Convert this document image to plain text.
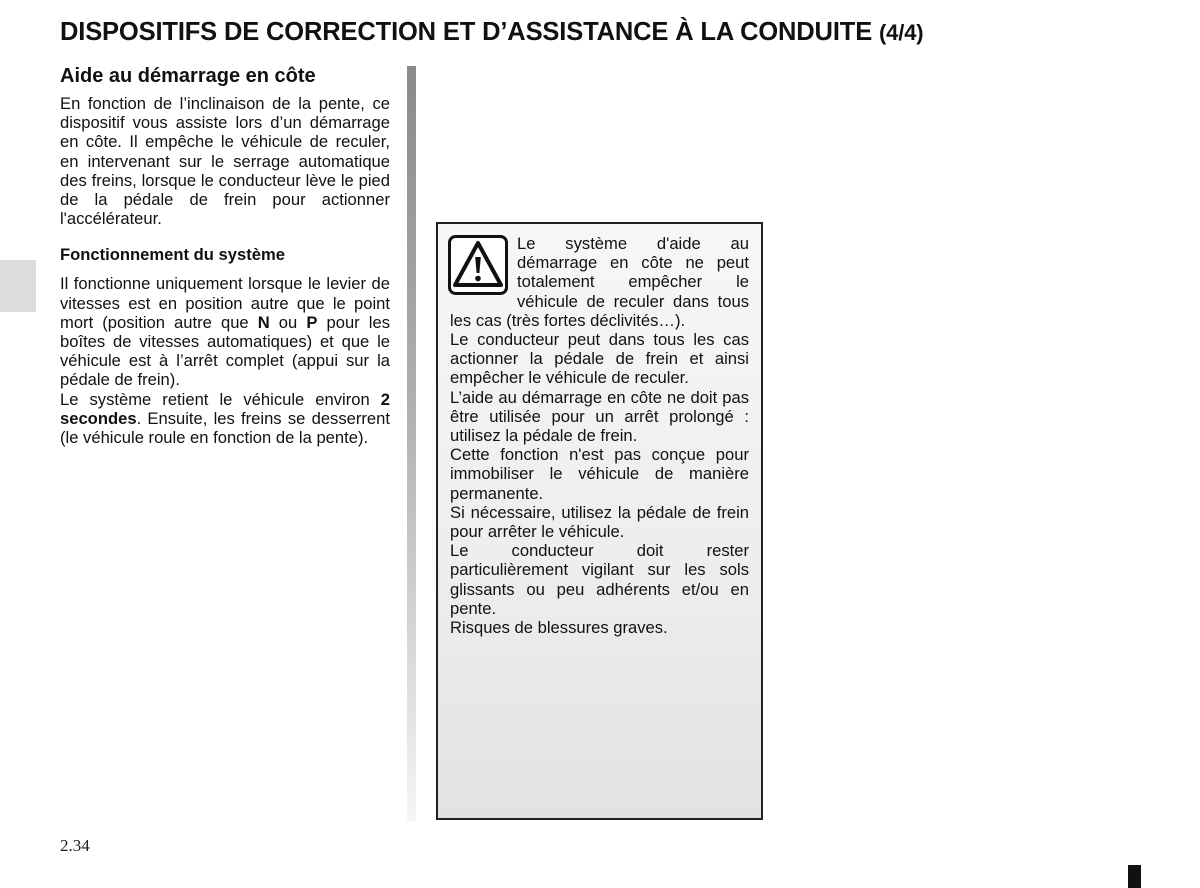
DISPOSITIFS DE CORRECTION ET D’ASSISTANCE À LA CONDUITE (4/4)
Aide au démarrage en côte

En fonction de l’inclinaison de la pente, ce dispositif vous assiste lors d’un démarrage en côte. Il empêche le véhicule de reculer, en intervenant sur le serrage automatique des freins, lorsque le conducteur lève le pied de la pédale de frein pour actionner l'accélérateur.

Fonctionnement du système

Il fonctionne uniquement lorsque le levier de vitesses est en position autre que le point mort (position autre que N ou P pour les boîtes de vitesses automatiques) et que le véhicule est à l’arrêt complet (appui sur la pédale de frein).

Le système retient le véhicule environ 2 secondes. Ensuite, les freins se desserrent (le véhicule roule en fonction de la pente).

Le système d'aide au démarrage en côte ne peut totalement empêcher le véhicule de reculer dans tous les cas (très fortes déclivités…).

Le conducteur peut dans tous les cas actionner la pédale de frein et ainsi empêcher le véhicule de reculer.

L’aide au démarrage en côte ne doit pas être utilisée pour un arrêt prolongé : utilisez la pédale de frein.

Cette fonction n'est pas conçue pour immobiliser le véhicule de manière permanente.

Si nécessaire, utilisez la pédale de frein pour arrêter le véhicule.

Le conducteur doit rester particulièrement vigilant sur les sols glissants ou peu adhérents et/ou en pente.

Risques de blessures graves.

2.34
